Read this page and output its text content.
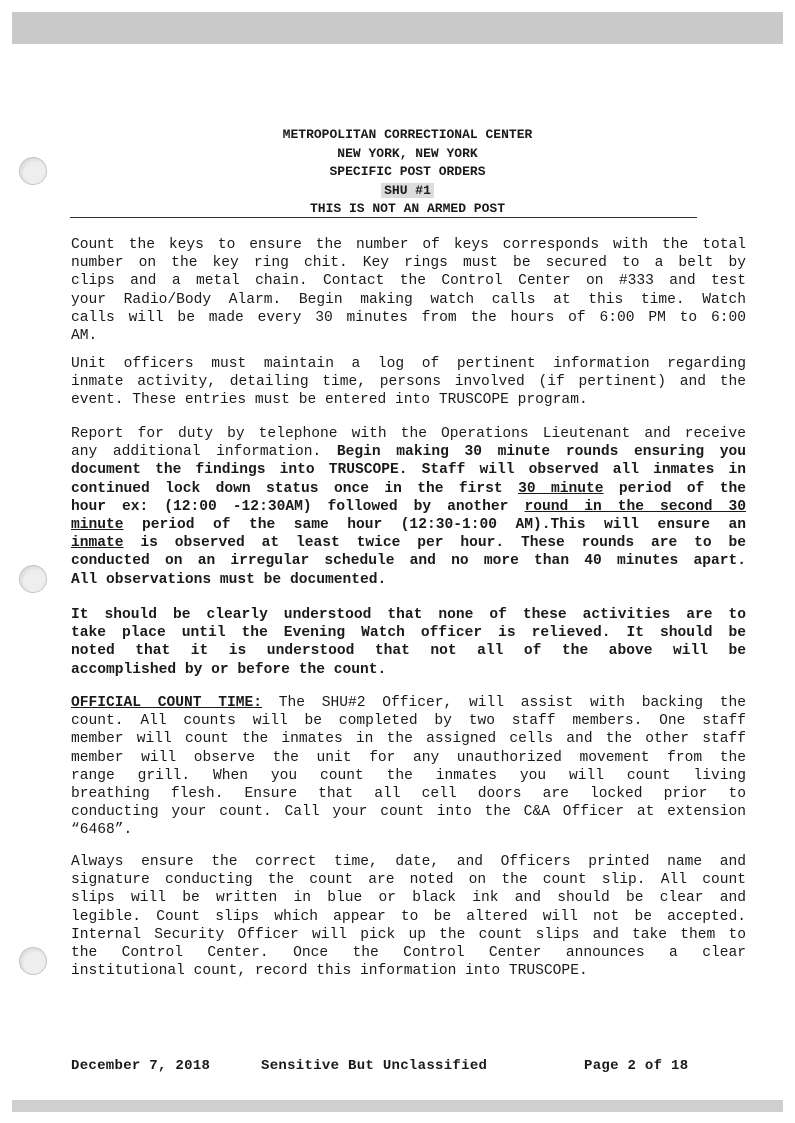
METROPOLITAN CORRECTIONAL CENTER
NEW YORK, NEW YORK
SPECIFIC POST ORDERS
SHU #1
THIS IS NOT AN ARMED POST
Count the keys to ensure the number of keys corresponds with the total
number on the key ring chit. Key rings must be secured to a belt by
clips and a metal chain. Contact the Control Center on #333 and test
your Radio/Body Alarm. Begin making watch calls at this time. Watch
calls will be made every 30 minutes from the hours of 6:00 PM to 6:00
AM.
Unit officers must maintain a log of pertinent information regarding
inmate activity, detailing time, persons involved (if pertinent) and the
event. These entries must be entered into TRUSCOPE program.
Report for duty by telephone with the Operations Lieutenant and receive
any additional information. Begin making 30 minute rounds ensuring you
document the findings into TRUSCOPE. Staff will observed all inmates in
continued lock down status once in the first 30 minute period of the
hour ex: (12:00 -12:30AM) followed by another round in the second 30
minute period of the same hour (12:30-1:00 AM).This will ensure an
inmate is observed at least twice per hour. These rounds are to be
conducted on an irregular schedule and no more than 40 minutes apart.
All observations must be documented.
It should be clearly understood that none of these activities are to
take place until the Evening Watch officer is relieved. It should be
noted that it is understood that not all of the above will be
accomplished by or before the count.
OFFICIAL COUNT TIME: The SHU#2 Officer, will assist with backing the
count. All counts will be completed by two staff members. One staff
member will count the inmates in the assigned cells and the other staff
member will observe the unit for any unauthorized movement from the
range grill. When you count the inmates you will count living
breathing flesh. Ensure that all cell doors are locked prior to
conducting your count. Call your count into the C&A Officer at extension
“6468”.
Always ensure the correct time, date, and Officers printed name and
signature conducting the count are noted on the count slip. All count
slips will be written in blue or black ink and should be clear and
legible. Count slips which appear to be altered will not be accepted.
Internal Security Officer will pick up the count slips and take them to
the Control Center. Once the Control Center announces a clear
institutional count, record this information into TRUSCOPE.
December 7, 2018	Sensitive But Unclassified	Page 2 of 18
